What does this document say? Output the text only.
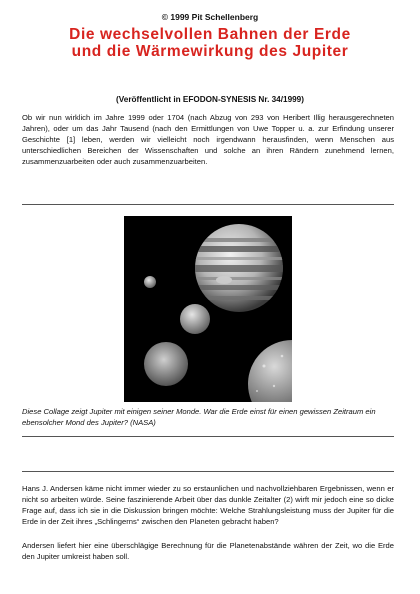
© 1999 Pit Schellenberg
Die wechselvollen Bahnen der Erde
und die Wärmewirkung des Jupiter
(Veröffentlicht in EFODON-SYNESIS Nr. 34/1999)

Ob wir nun wirklich im Jahre 1999 oder 1704 (nach Abzug von 293 von Heribert Illig herausgerechneten Jahren), oder um das Jahr Tausend (nach den Ermittlungen von Uwe Topper u. a. zur Erfindung unserer Geschichte [1] leben, werden wir vielleicht noch irgendwann herausfinden, wenn Menschen aus unterschiedlichen Bereichen der Wissenschaften und solche an ihren Rändern zunehmend lernen, zusammenzuarbeiten oder auch zusammenzuarbeiten.

Diese Collage zeigt Jupiter mit einigen seiner Monde. War die Erde einst für einen gewissen Zeitraum ein ebensolcher Mond des Jupiter? (NASA)

Hans J. Andersen käme nicht immer wieder zu so erstaunlichen und nachvollziehbaren Ergebnissen, wenn er nicht so arbeiten würde. Seine faszinierende Arbeit über das dunkle Zeitalter (2) wirft mir jedoch eine so dicke Frage auf, dass ich sie in die Diskussion bringen möchte: Welche Strahlungsleistung muss der Jupiter für die Erde in der Zeit ihres „Schlingerns“ zwischen den Planeten gebracht haben?

Andersen liefert hier eine überschlägige Berechnung für die Planetenabstände währen der Zeit, wo die Erde den Jupiter umkreist haben soll.
